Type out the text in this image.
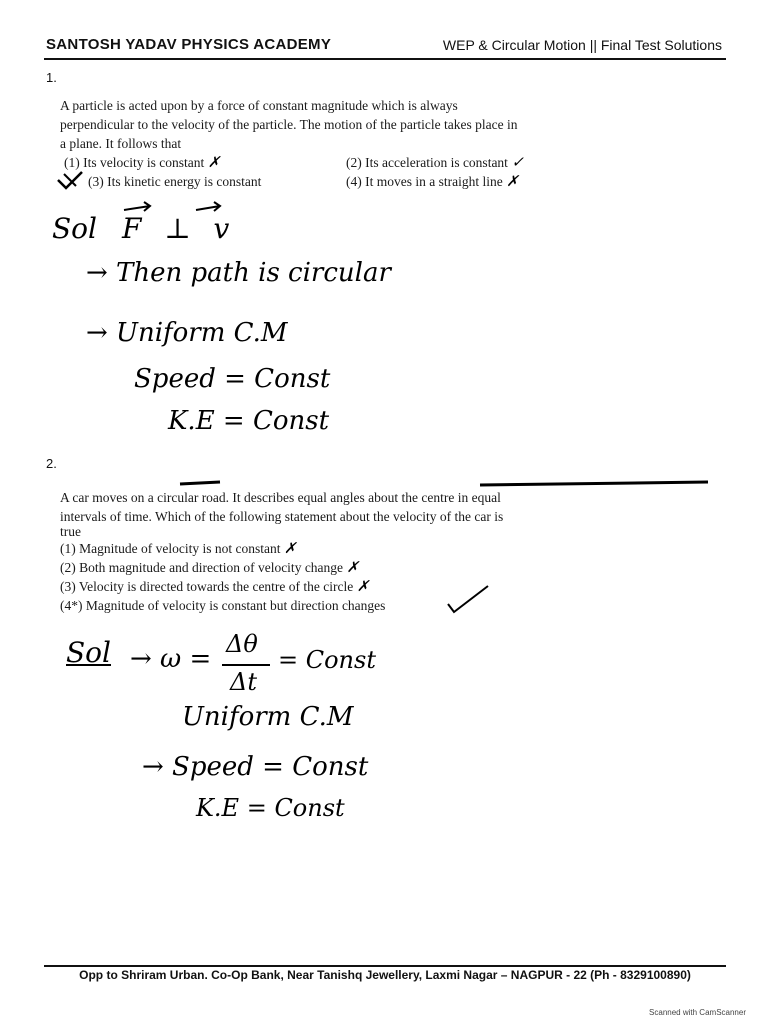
SANTOSH YADAV PHYSICS ACADEMY	WEP & Circular Motion || Final Test Solutions
1.
A particle is acted upon by a force of constant magnitude which is always
perpendicular to the velocity of the particle. The motion of the particle takes place in
a plane. It follows that
(1) Its velocity is constant ✗	(2) Its acceleration is constant ✓
(3) Its kinetic energy is constant	(4) It moves in a straight line ✗
Sol F ⊥ v
→ Then path is circular
→ Uniform C.M
Speed = Const
K.E = Const
2.
A car moves on a circular road. It describes equal angles about the centre in equal
intervals of time. Which of the following statement about the velocity of the car is
true
(1) Magnitude of velocity is not constant ✗
(2) Both magnitude and direction of velocity change ✗
(3) Velocity is directed towards the centre of the circle ✗
(4*) Magnitude of velocity is constant but direction changes
Sol → ω = Δθ
Δt
= Const
Uniform C.M
→ Speed = Const
K.E = Const
Opp to Shriram Urban. Co-Op Bank, Near Tanishq Jewellery, Laxmi Nagar – NAGPUR - 22 (Ph - 8329100890)
Scanned with CamScanner
